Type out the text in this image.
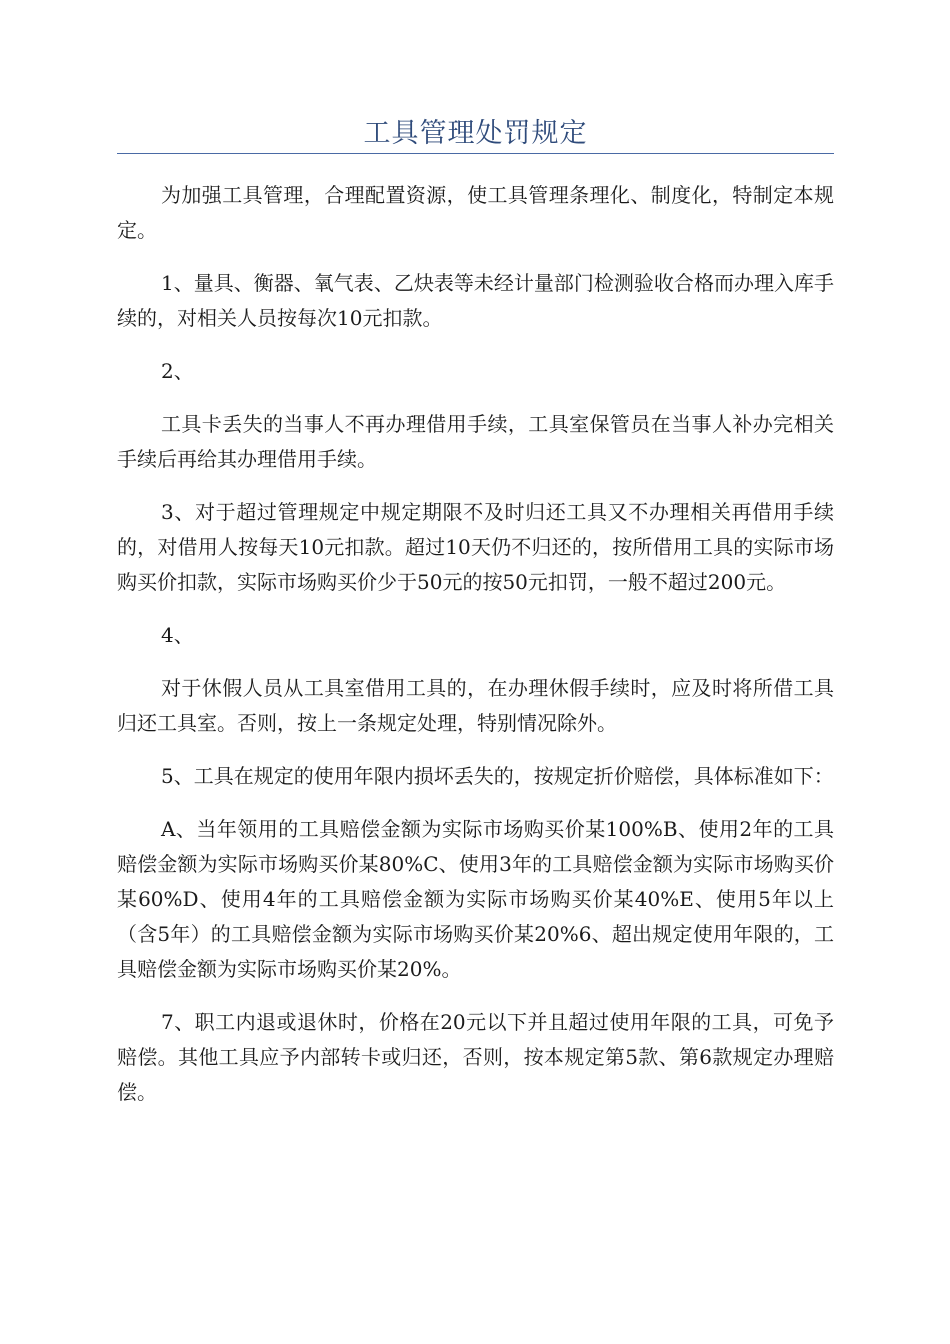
工具管理处罚规定

为加强工具管理，合理配置资源，使工具管理条理化、制度化，特制定本规定。

1、量具、衡器、氧气表、乙炔表等未经计量部门检测验收合格而办理入库手续的，对相关人员按每次10元扣款。

2、

工具卡丢失的当事人不再办理借用手续，工具室保管员在当事人补办完相关手续后再给其办理借用手续。

3、对于超过管理规定中规定期限不及时归还工具又不办理相关再借用手续的，对借用人按每天10元扣款。超过10天仍不归还的，按所借用工具的实际市场购买价扣款，实际市场购买价少于50元的按50元扣罚，一般不超过200元。

4、

对于休假人员从工具室借用工具的，在办理休假手续时，应及时将所借工具归还工具室。否则，按上一条规定处理，特别情况除外。

5、工具在规定的使用年限内损坏丢失的，按规定折价赔偿，具体标准如下：

A、当年领用的工具赔偿金额为实际市场购买价某100%B、使用2年的工具赔偿金额为实际市场购买价某80%C、使用3年的工具赔偿金额为实际市场购买价某60%D、使用4年的工具赔偿金额为实际市场购买价某40%E、使用5年以上（含5年）的工具赔偿金额为实际市场购买价某20%6、超出规定使用年限的，工具赔偿金额为实际市场购买价某20%。

7、职工内退或退休时，价格在20元以下并且超过使用年限的工具，可免予赔偿。其他工具应予内部转卡或归还，否则，按本规定第5款、第6款规定办理赔偿。
